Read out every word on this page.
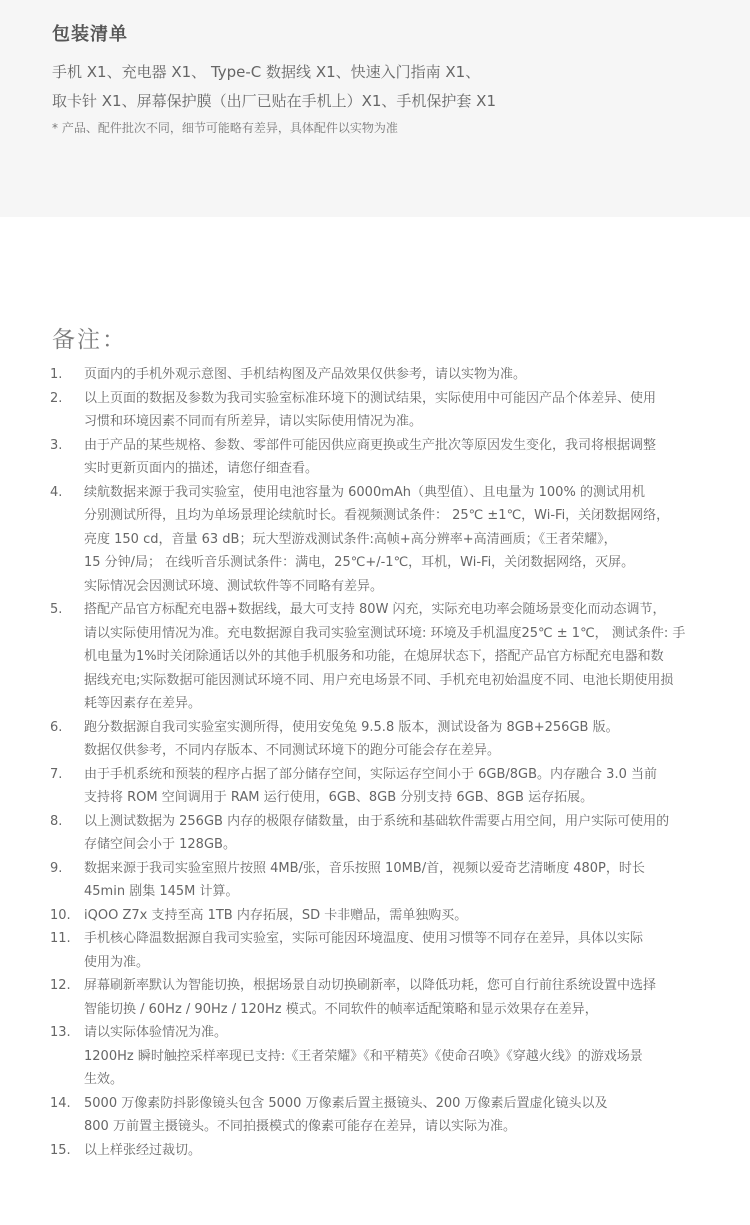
包装清单
手机 X1、充电器 X1、 Type-C 数据线 X1、快速入门指南 X1、
取卡针 X1、屏幕保护膜（出厂已贴在手机上）X1、手机保护套 X1
* 产品、配件批次不同，细节可能略有差异，具体配件以实物为准
备注：
1.	页面内的手机外观示意图、手机结构图及产品效果仅供参考，请以实物为准。
2.	以上页面的数据及参数为我司实验室标准环境下的测试结果，实际使用中可能因产品个体差异、使用
习惯和环境因素不同而有所差异，请以实际使用情况为准。
3.	由于产品的某些规格、参数、零部件可能因供应商更换或生产批次等原因发生变化，我司将根据调整
实时更新页面内的描述，请您仔细查看。
4.	续航数据来源于我司实验室，使用电池容量为 6000mAh（典型值）、且电量为 100% 的测试用机
分别测试所得，且均为单场景理论续航时长。看视频测试条件： 25℃ ±1℃，Wi-Fi，关闭数据网络，
亮度 150 cd，音量 63 dB；玩大型游戏测试条件:高帧+高分辨率+高清画质；《王者荣耀》，
15 分钟/局； 在线听音乐测试条件：满电，25℃+/-1℃，耳机，Wi-Fi，关闭数据网络，灭屏。
实际情况会因测试环境、测试软件等不同略有差异。
5.	搭配产品官方标配充电器+数据线，最大可支持 80W 闪充，实际充电功率会随场景变化而动态调节，
请以实际使用情况为准。充电数据源自我司实验室测试环境: 环境及手机温度25℃ ± 1℃， 测试条件: 手
机电量为1%时关闭除通话以外的其他手机服务和功能，在熄屏状态下，搭配产品官方标配充电器和数
据线充电;实际数据可能因测试环境不同、用户充电场景不同、手机充电初始温度不同、电池长期使用损
耗等因素存在差异。
6.	跑分数据源自我司实验室实测所得，使用安兔兔 9.5.8 版本，测试设备为 8GB+256GB 版。
数据仅供参考，不同内存版本、不同测试环境下的跑分可能会存在差异。
7.	由于手机系统和预装的程序占据了部分储存空间，实际运存空间小于 6GB/8GB。内存融合 3.0 当前
支持将 ROM 空间调用于 RAM 运行使用，6GB、8GB 分别支持 6GB、8GB 运存拓展。
8.	以上测试数据为 256GB 内存的极限存储数量，由于系统和基础软件需要占用空间，用户实际可使用的
存储空间会小于 128GB。
9.	数据来源于我司实验室照片按照 4MB/张，音乐按照 10MB/首，视频以爱奇艺清晰度 480P，时长
45min 剧集 145M 计算。
10.	iQOO Z7x 支持至高 1TB 内存拓展，SD 卡非赠品，需单独购买。
11.	手机核心降温数据源自我司实验室，实际可能因环境温度、使用习惯等不同存在差异，具体以实际
使用为准。
12.	屏幕刷新率默认为智能切换，根据场景自动切换刷新率，以降低功耗，您可自行前往系统设置中选择
智能切换 / 60Hz / 90Hz / 120Hz 模式。不同软件的帧率适配策略和显示效果存在差异，
13.	请以实际体验情况为准。
1200Hz 瞬时触控采样率现已支持:《王者荣耀》《和平精英》《使命召唤》《穿越火线》的游戏场景
生效。
14.	5000 万像素防抖影像镜头包含 5000 万像素后置主摄镜头、200 万像素后置虚化镜头以及
800 万前置主摄镜头。不同拍摄模式的像素可能存在差异，请以实际为准。
15.	以上样张经过裁切。
